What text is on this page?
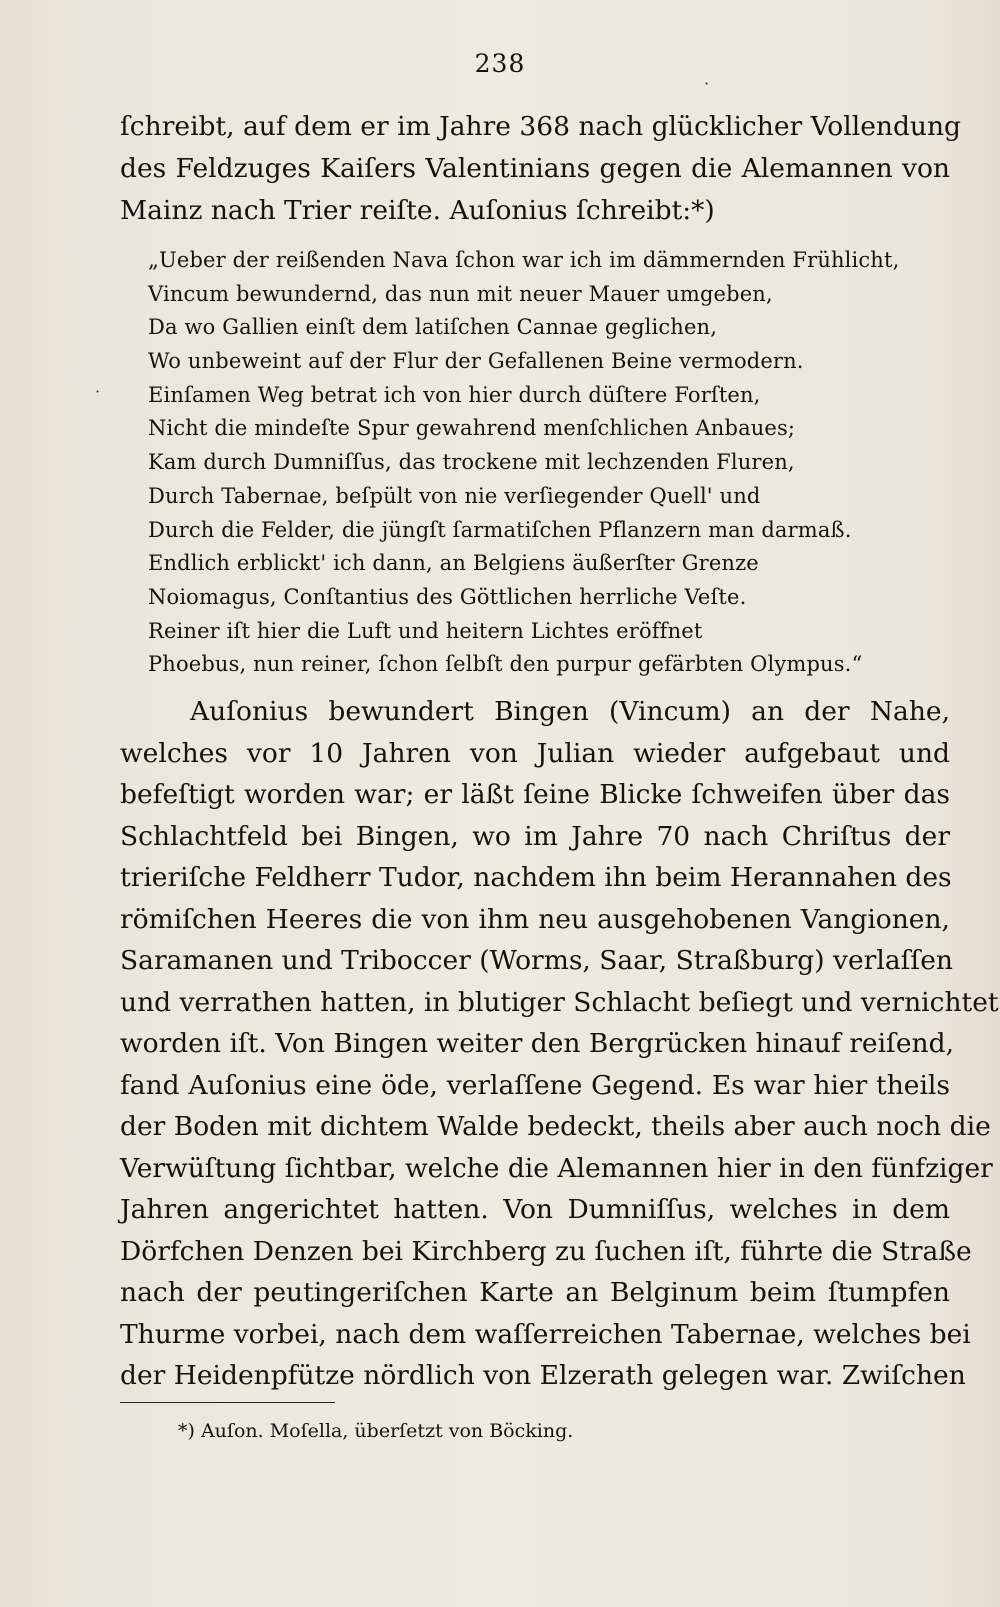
238
ſchreibt, auf dem er im Jahre 368 nach glücklicher Vollendung
des Feldzuges Kaiſers Valentinians gegen die Alemannen von
Mainz nach Trier reiſte. Auſonius ſchreibt:*)
„Ueber der reißenden Nava ſchon war ich im dämmernden Frühlicht,
Vincum bewundernd, das nun mit neuer Mauer umgeben,
Da wo Gallien einſt dem latiſchen Cannae geglichen,
Wo unbeweint auf der Flur der Gefallenen Beine vermodern.
Einſamen Weg betrat ich von hier durch düſtere Forſten,
Nicht die mindeſte Spur gewahrend menſchlichen Anbaues;
Kam durch Dumniſſus, das trockene mit lechzenden Fluren,
Durch Tabernae, beſpült von nie verſiegender Quell' und
Durch die Felder, die jüngſt ſarmatiſchen Pflanzern man darmaß.
Endlich erblickt' ich dann, an Belgiens äußerſter Grenze
Noiomagus, Conſtantius des Göttlichen herrliche Veſte.
Reiner iſt hier die Luft und heitern Lichtes eröffnet
Phoebus, nun reiner, ſchon ſelbſt den purpur gefärbten Olympus.“
Auſonius bewundert Bingen (Vincum) an der Nahe,
welches vor 10 Jahren von Julian wieder aufgebaut und
befeſtigt worden war; er läßt ſeine Blicke ſchweifen über das
Schlachtfeld bei Bingen, wo im Jahre 70 nach Chriſtus der
trieriſche Feldherr Tudor, nachdem ihn beim Herannahen des
römiſchen Heeres die von ihm neu ausgehobenen Vangionen,
Saramanen und Triboccer (Worms, Saar, Straßburg) verlaſſen
und verrathen hatten, in blutiger Schlacht beſiegt und vernichtet
worden iſt. Von Bingen weiter den Bergrücken hinauf reiſend,
fand Auſonius eine öde, verlaſſene Gegend. Es war hier theils
der Boden mit dichtem Walde bedeckt, theils aber auch noch die
Verwüſtung ſichtbar, welche die Alemannen hier in den fünfziger
Jahren angerichtet hatten. Von Dumniſſus, welches in dem
Dörfchen Denzen bei Kirchberg zu ſuchen iſt, führte die Straße
nach der peutingeriſchen Karte an Belginum beim ſtumpfen
Thurme vorbei, nach dem waſſerreichen Tabernae, welches bei
der Heidenpfütze nördlich von Elzerath gelegen war. Zwiſchen
*) Auſon. Moſella, überſetzt von Böcking.
·
·
